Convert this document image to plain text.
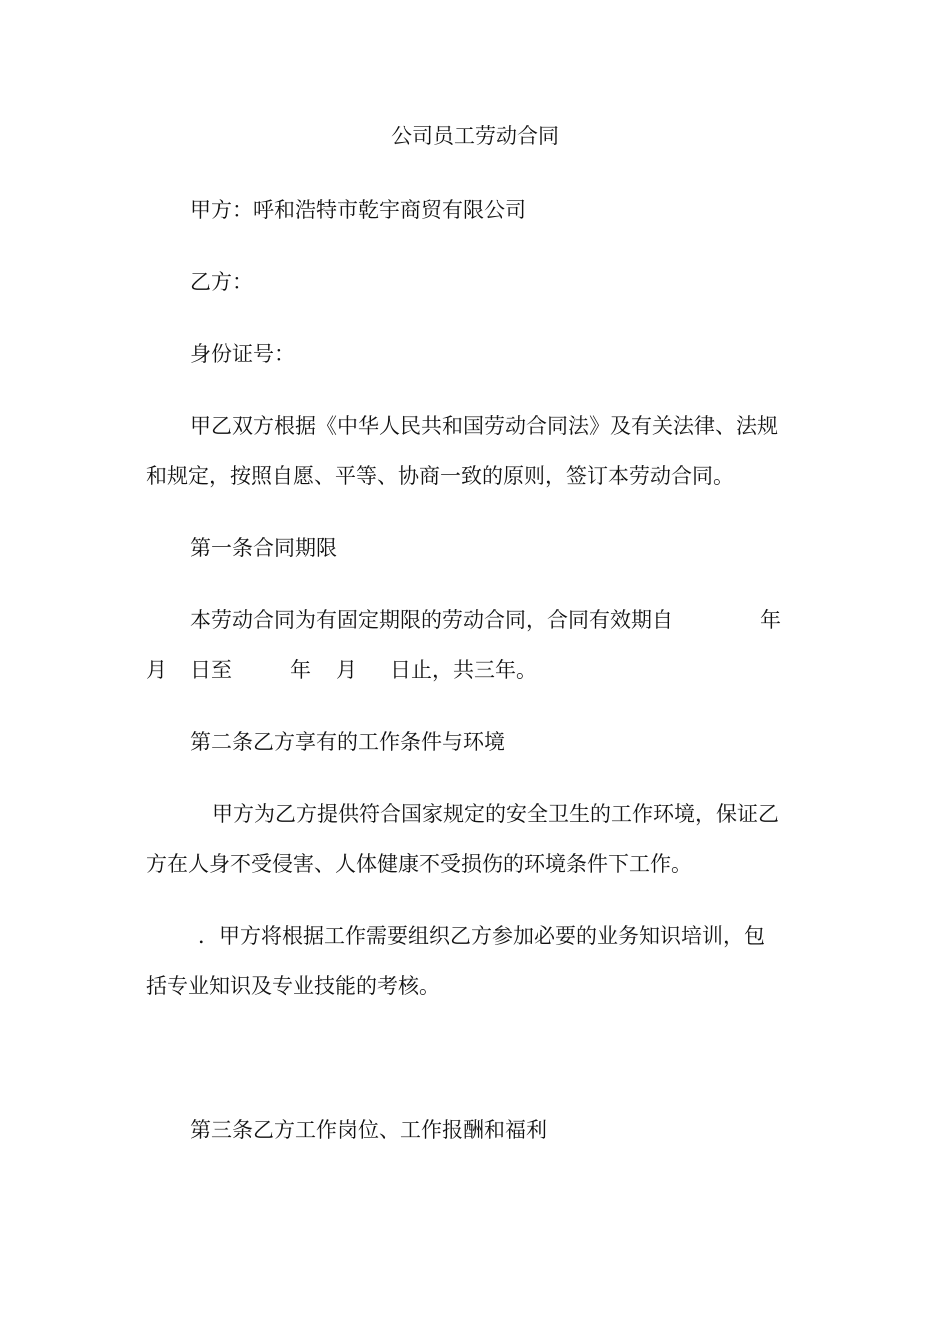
公司员工劳动合同
甲方：呼和浩特市乾宇商贸有限公司
乙方：
身份证号：
甲乙双方根据《中华人民共和国劳动合同法》及有关法律、法规
和规定，按照自愿、平等、协商一致的原则，签订本劳动合同。
第一条合同期限
本劳动合同为有固定期限的劳动合同，合同有效期自	年
月 日至	年 月 日止，共三年。
第二条乙方享有的工作条件与环境
甲方为乙方提供符合国家规定的安全卫生的工作环境，保证乙
方在人身不受侵害、人体健康不受损伤的环境条件下工作。
．甲方将根据工作需要组织乙方参加必要的业务知识培训，包
括专业知识及专业技能的考核。
第三条乙方工作岗位、工作报酬和福利
